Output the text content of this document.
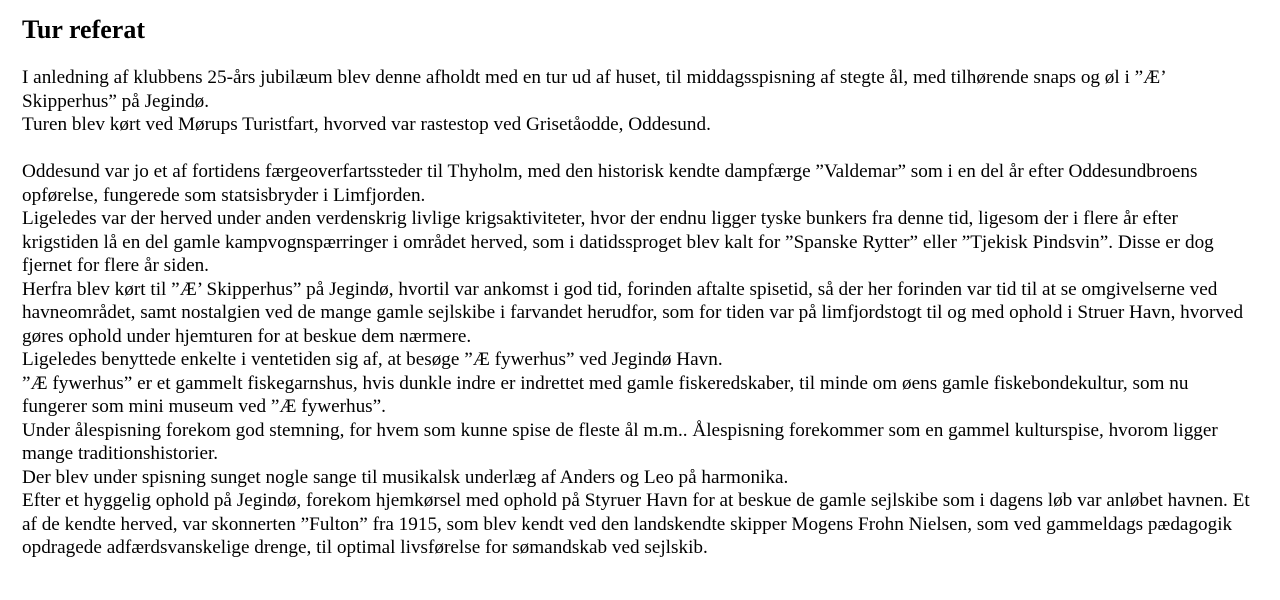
Tur referat

I anledning af klubbens 25-års jubilæum blev denne afholdt med en tur ud af huset, til middagsspisning af stegte ål, med tilhørende snaps og øl i ”Æ’ Skipperhus” på Jegindø.

Turen blev kørt ved Mørups Turistfart, hvorved var rastestop ved Grisetåodde, Oddesund.

Oddesund var jo et af fortidens færgeoverfartssteder til Thyholm, med den historisk kendte dampfærge ”Valdemar” som i en del år efter Oddesundbroens opførelse, fungerede som statsisbryder i Limfjorden.

Ligeledes var der herved under anden verdenskrig livlige krigsaktiviteter, hvor der endnu ligger tyske bunkers fra denne tid, ligesom der i flere år efter krigstiden lå en del gamle kampvognspærringer i området herved, som i datidssproget blev kalt for ”Spanske Rytter” eller ”Tjekisk Pindsvin”. Disse er dog fjernet for flere år siden.

Herfra blev kørt til ”Æ’ Skipperhus” på Jegindø, hvortil var ankomst i god tid, forinden aftalte spisetid, så der her forinden var tid til at se omgivelserne ved havneområdet, samt nostalgien ved de mange gamle sejlskibe i farvandet herudfor, som for tiden var på limfjordstogt til og med ophold i Struer Havn, hvorved gøres ophold under hjemturen for at beskue dem nærmere.

Ligeledes benyttede enkelte i ventetiden sig af, at besøge ”Æ fywerhus” ved Jegindø Havn.

”Æ fywerhus” er et gammelt fiskegarnshus, hvis dunkle indre er indrettet med gamle fiskeredskaber, til minde om øens gamle fiskebondekultur, som nu fungerer som mini museum ved ”Æ fywerhus”.

Under ålespisning forekom god stemning, for hvem som kunne spise de fleste ål m.m.. Ålespisning forekommer som en gammel kulturspise, hvorom ligger mange traditionshistorier.

Der blev under spisning sunget nogle sange til musikalsk underlæg af Anders og Leo på harmonika.

Efter et hyggelig ophold på Jegindø, forekom hjemkørsel med ophold på Styruer Havn for at beskue de gamle sejlskibe som i dagens løb var anløbet havnen. Et af de kendte herved, var skonnerten ”Fulton” fra 1915, som blev kendt ved den landskendte skipper Mogens Frohn Nielsen, som ved gammeldags pædagogik opdragede adfærdsvanskelige drenge, til optimal livsførelse for sømandskab ved sejlskib.
